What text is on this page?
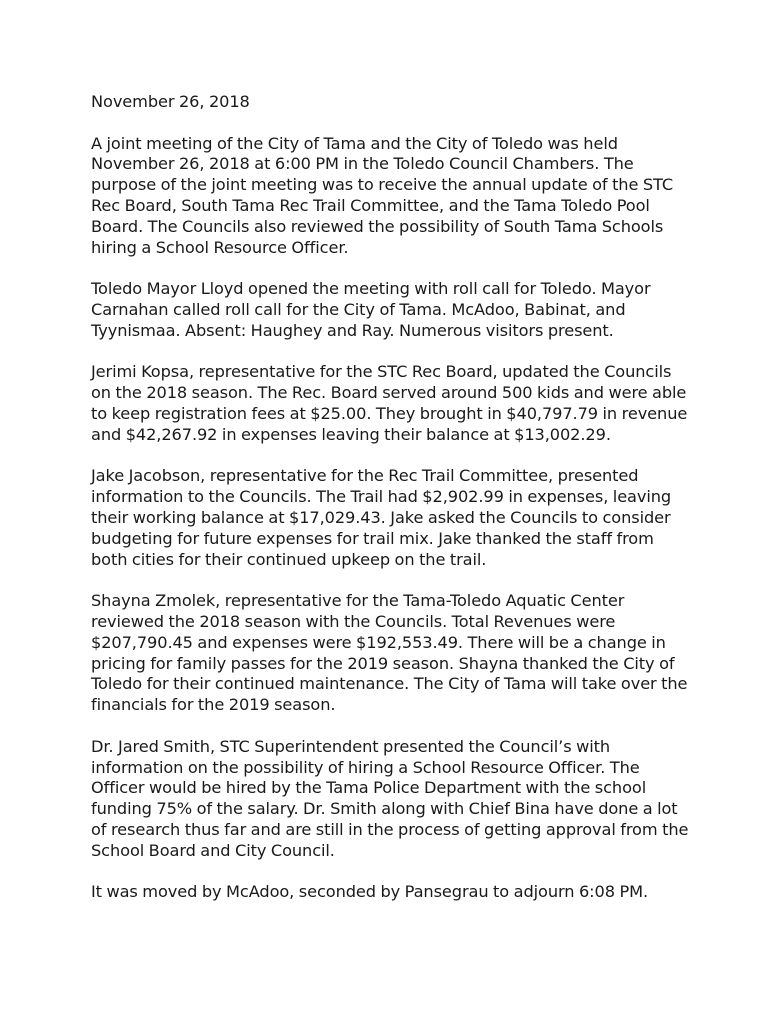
November 26, 2018

A joint meeting of the City of Tama and the City of Toledo was held November 26, 2018 at 6:00 PM in the Toledo Council Chambers. The purpose of the joint meeting was to receive the annual update of the STC Rec Board, South Tama Rec Trail Committee, and the Tama Toledo Pool Board. The Councils also reviewed the possibility of South Tama Schools hiring a School Resource Officer.

Toledo Mayor Lloyd opened the meeting with roll call for Toledo. Mayor Carnahan called roll call for the City of Tama. McAdoo, Babinat, and Tyynismaa. Absent: Haughey and Ray. Numerous visitors present.

Jerimi Kopsa, representative for the STC Rec Board, updated the Councils on the 2018 season. The Rec. Board served around 500 kids and were able to keep registration fees at $25.00. They brought in $40,797.79 in revenue and $42,267.92 in expenses leaving their balance at $13,002.29.

Jake Jacobson, representative for the Rec Trail Committee, presented information to the Councils. The Trail had $2,902.99 in expenses, leaving their working balance at $17,029.43. Jake asked the Councils to consider budgeting for future expenses for trail mix. Jake thanked the staff from both cities for their continued upkeep on the trail.

Shayna Zmolek, representative for the Tama-Toledo Aquatic Center reviewed the 2018 season with the Councils. Total Revenues were $207,790.45 and expenses were $192,553.49. There will be a change in pricing for family passes for the 2019 season. Shayna thanked the City of Toledo for their continued maintenance. The City of Tama will take over the financials for the 2019 season.

Dr. Jared Smith, STC Superintendent presented the Council’s with information on the possibility of hiring a School Resource Officer. The Officer would be hired by the Tama Police Department with the school funding 75% of the salary. Dr. Smith along with Chief Bina have done a lot of research thus far and are still in the process of getting approval from the School Board and City Council.

It was moved by McAdoo, seconded by Pansegrau to adjourn 6:08 PM.
